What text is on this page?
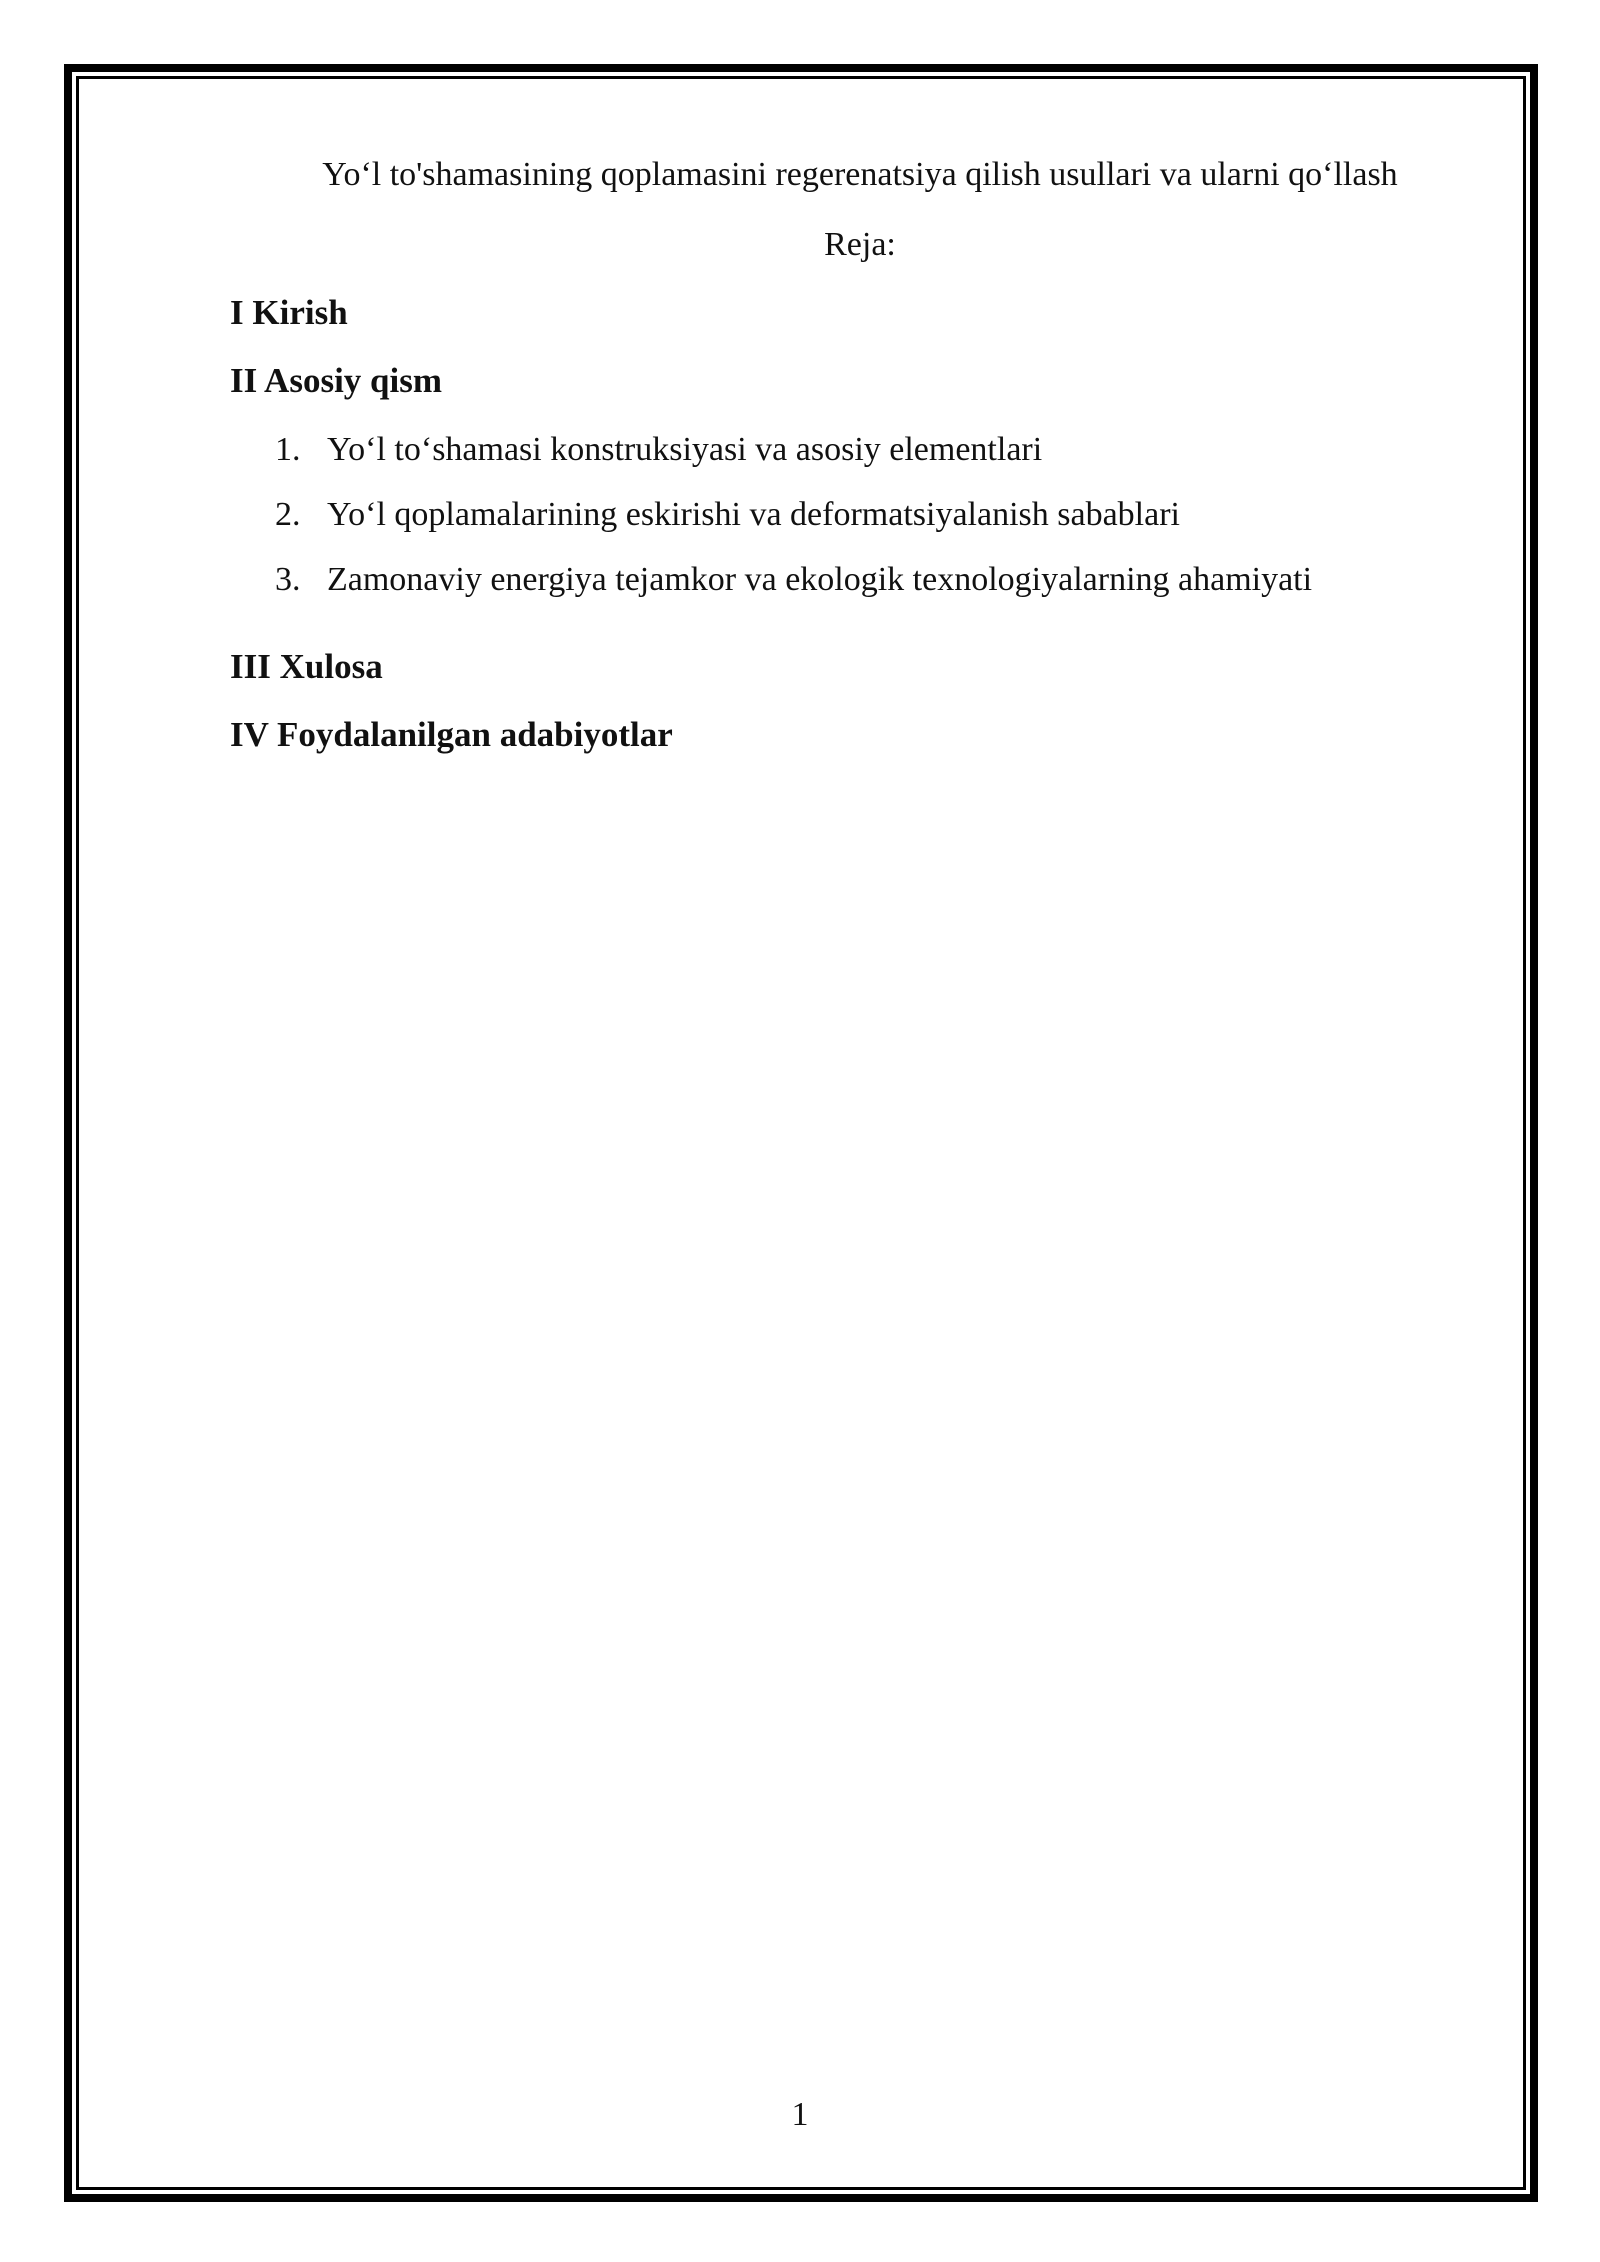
Yo‘l to'shamasining qoplamasini regerenatsiya qilish usullari va ularni qo‘llash
Reja:
I Kirish
II Asosiy qism
1. Yo‘l to‘shamasi konstruksiyasi va asosiy elementlari
2. Yo‘l qoplamalarining eskirishi va deformatsiyalanish sabablari
3. Zamonaviy energiya tejamkor va ekologik texnologiyalarning ahamiyati
III Xulosa
IV Foydalanilgan adabiyotlar
1
